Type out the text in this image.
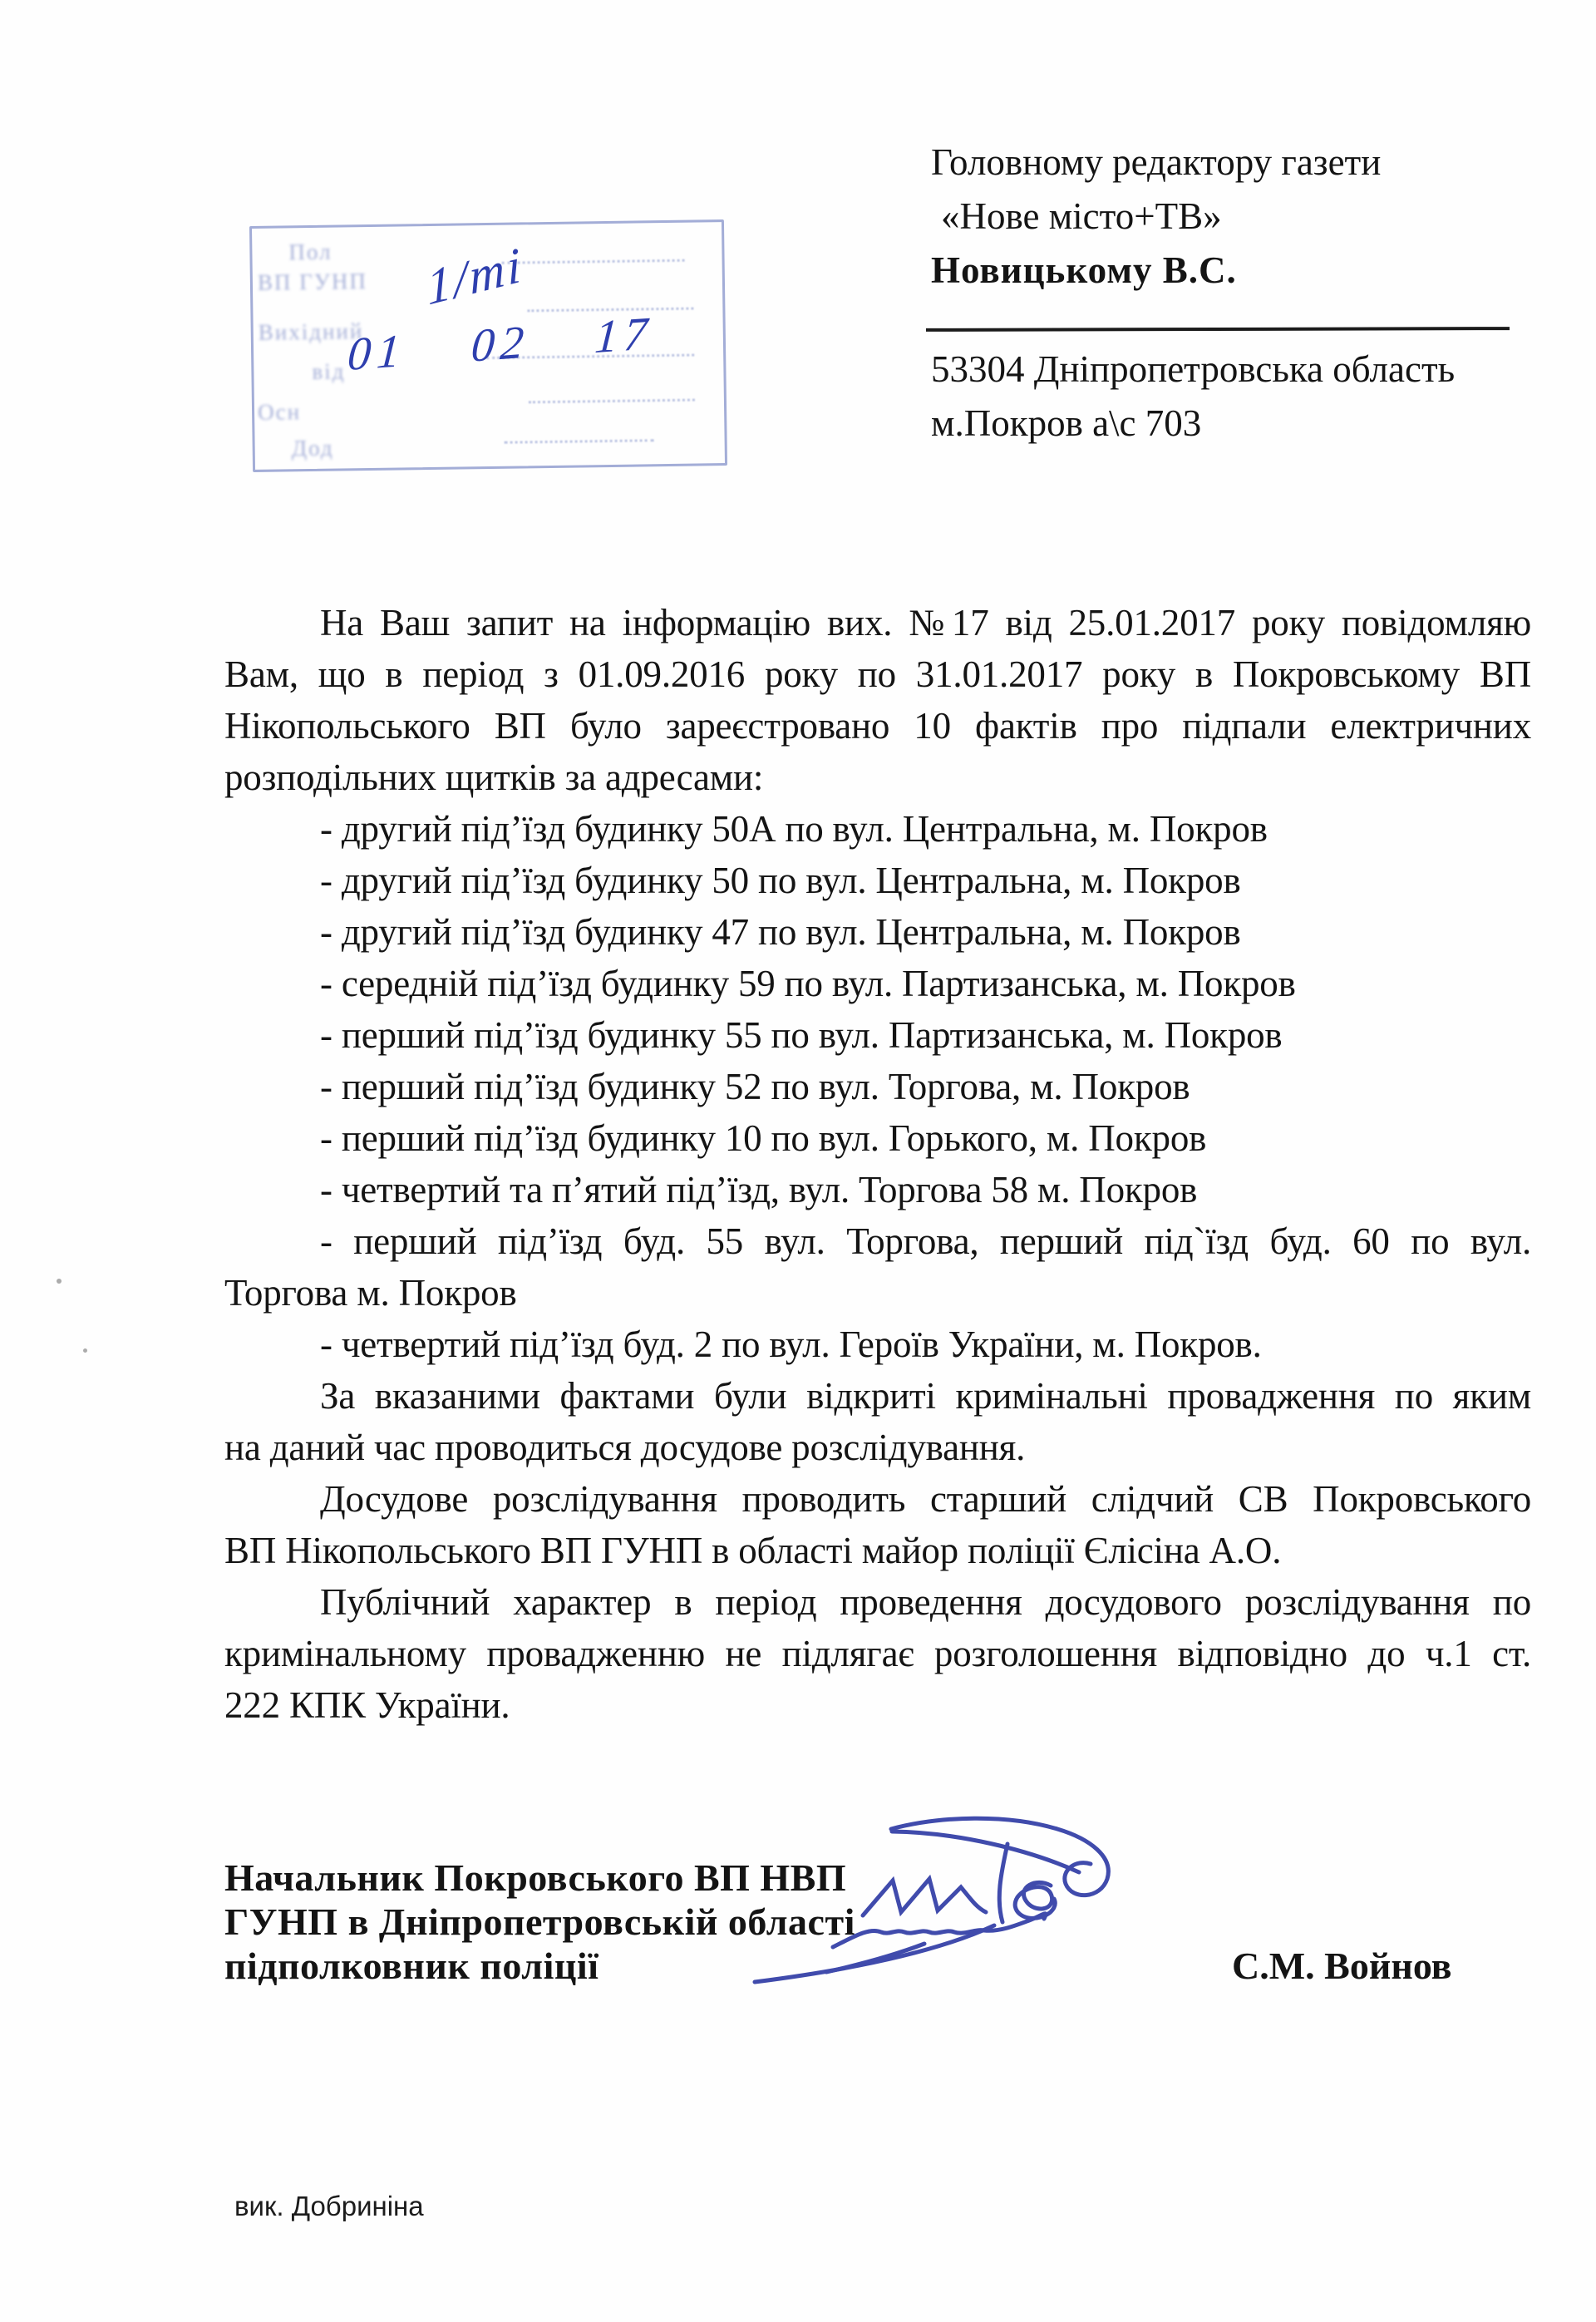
Пол
ВП ГУНП
Вихідний
від
Осн
Дод
1/ті
01 02 17
Головному редактору газети
«Нове місто+ТВ»
Новицькому В.С.
53304 Дніпропетровська область
м.Покров а\с 703
На Ваш запит на інформацію вих. №17 від 25.01.2017 року повідомляю
Вам, що в період з 01.09.2016 року по 31.01.2017 року в Покровському ВП
Нікопольського ВП було зареєстровано 10 фактів про підпали електричних
розподільних щитків за адресами:
- другий під’їзд будинку 50А по вул. Центральна, м. Покров
- другий під’їзд будинку 50 по вул. Центральна, м. Покров
- другий під’їзд будинку 47 по вул. Центральна, м. Покров
- середній під’їзд будинку 59 по вул. Партизанська, м. Покров
- перший під’їзд будинку 55 по вул. Партизанська, м. Покров
- перший під’їзд будинку 52 по вул. Торгова, м. Покров
- перший під’їзд будинку 10 по вул. Горького, м. Покров
- четвертий та п’ятий під’їзд, вул. Торгова 58 м. Покров
- перший під’їзд буд. 55 вул. Торгова, перший під`їзд буд. 60 по вул.
Торгова м. Покров
- четвертий під’їзд буд. 2 по вул. Героїв України, м. Покров.
За вказаними фактами були відкриті кримінальні провадження по яким
на даний час проводиться досудове розслідування.
Досудове розслідування проводить старший слідчий СВ Покровського
ВП Нікопольського ВП ГУНП в області майор поліції Єлісіна А.О.
Публічний характер в період проведення досудового розслідування по
кримінальному провадженню не підлягає розголошення відповідно до ч.1 ст.
222 КПК України.
Начальник Покровського ВП НВП
ГУНП в Дніпропетровській області
підполковник поліції	С.М. Войнов
вик. Добриніна
